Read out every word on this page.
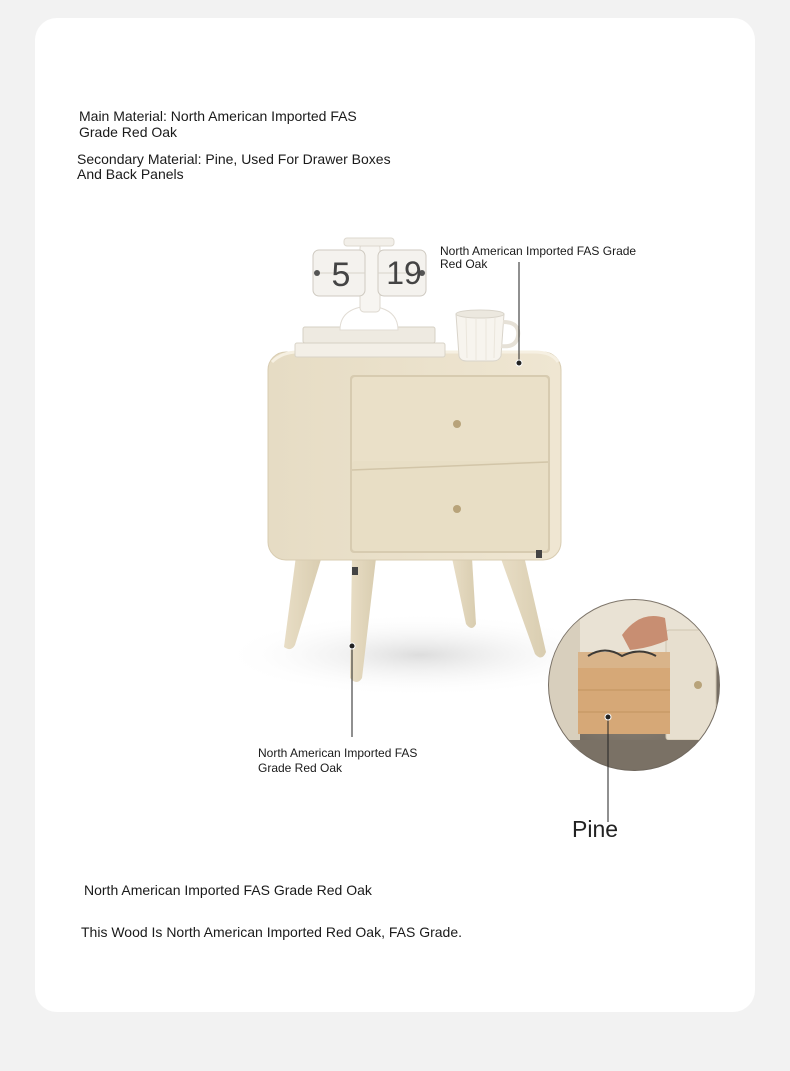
Main Material: North American Imported FAS
Grade Red Oak
Secondary Material: Pine, Used For Drawer Boxes
And Back Panels
5 19
North American Imported FAS Grade
Red Oak
North American Imported FAS
Grade Red Oak
Pine
North American Imported FAS Grade Red Oak
This Wood Is North American Imported Red Oak, FAS Grade.
